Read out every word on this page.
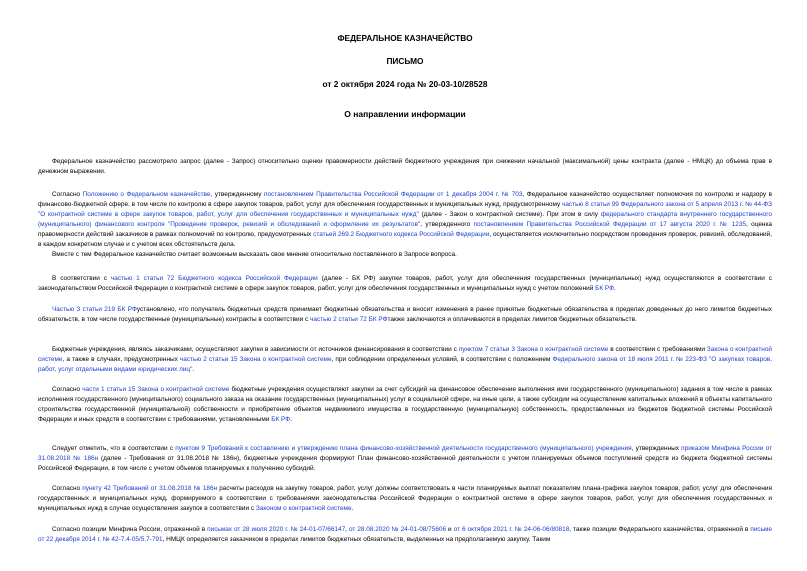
ФЕДЕРАЛЬНОЕ КАЗНАЧЕЙСТВО

ПИСЬМО

от 2 октября 2024 года № 20-03-10/28528

О направлении информации

Федеральное казначейство рассмотрело запрос (далее - Запрос) относительно оценки правомерности действий бюджетного учреждения при снижении начальной (максимальной) цены контракта (далее - НМЦК) до объема прав в денежном выражении.

Согласно Положению о Федеральном казначействе, утвержденному постановлением Правительства Российской Федерации от 1 декабря 2004 г. № 703, Федеральное казначейство осуществляет полномочия по контролю и надзору в финансово-бюджетной сфере, в том числе по контролю в сфере закупок товаров, работ, услуг для обеспечения государственных и муниципальных нужд, предусмотренному частью 8 статьи 99 Федерального закона от 5 апреля 2013 г. № 44-ФЗ "О контрактной системе в сфере закупок товаров, работ, услуг для обеспечения государственных и муниципальных нужд" (далее - Закон о контрактной системе). При этом в силу федерального стандарта внутреннего государственного (муниципального) финансового контроля "Проведение проверок, ревизий и обследований и оформление их результатов", утвержденного постановлением Правительства Российской Федерации от 17 августа 2020 г. № 1235, оценка правомерности действий заказчиков в рамках полномочий по контролю, предусмотренных статьей 269.2 Бюджетного кодекса Российской Федерации, осуществляется исключительно посредством проведения проверок, ревизий, обследований, в каждом конкретном случае и с учетом всех обстоятельств дела.

Вместе с тем Федеральное казначейство считает возможным высказать свое мнение относительно поставленного в Запросе вопроса.

В соответствии с частью 1 статьи 72 Бюджетного кодекса Российской Федерации (далее - БК РФ) закупки товаров, работ, услуг для обеспечения государственных (муниципальных) нужд осуществляются в соответствии с законодательством Российской Федерации о контрактной системе в сфере закупок товаров, работ, услуг для обеспечения государственных и муниципальных нужд с учетом положений БК РФ.

Частью 3 статьи 219 БК РФустановлено, что получатель бюджетных средств принимает бюджетные обязательства и вносит изменения в ранее принятые бюджетные обязательства в пределах доведенных до него лимитов бюджетных обязательств, в том числе государственные (муниципальные) контракты в соответствии с частью 2 статьи 72 БК РФтакже заключаются и оплачиваются в пределах лимитов бюджетных обязательств.

Бюджетные учреждения, являясь заказчиками, осуществляют закупки в зависимости от источников финансирования в соответствии с пунктом 7 статьи 3 Закона о контрактной системе в соответствии с требованиями Закона о контрактной системе, а также в случаях, предусмотренных частью 2 статьи 15 Закона о контрактной системе, при соблюдении определенных условий, в соответствии с положением Федерального закона от 18 июля 2011 г. № 223-ФЗ "О закупках товаров, работ, услуг отдельными видами юридических лиц".

Согласно части 1 статьи 15 Закона о контрактной системе бюджетные учреждения осуществляют закупки за счет субсидий на финансовое обеспечение выполнения ими государственного (муниципального) задания в том числе в рамках исполнения государственного (муниципального) социального заказа на оказание государственных (муниципальных) услуг в социальной сфере, на иные цели, а также субсидии на осуществление капитальных вложений в объекты капитального строительства государственной (муниципальной) собственности и приобретение объектов недвижимого имущества в государственную (муниципальную) собственность, предоставленных из бюджетов бюджетной системы Российской Федерации и иных средств в соответствии с требованиями, установленными БК РФ.

Следует отметить, что в соответствии с пунктом 9 Требований к составлению и утверждению плана финансово-хозяйственной деятельности государственного (муниципального) учреждения, утвержденных приказом Минфина России от 31.08.2018 № 186н (далее - Требования от 31.08.2018 № 186н), бюджетные учреждения формируют План финансово-хозяйственной деятельности с учетом планируемых объемов поступлений средств из бюджета бюджетной системы Российской Федерации, в том числе с учетом объемов планируемых к получению субсидий.

Согласно пункту 42 Требований от 31.08.2018 № 186н расчеты расходов на закупку товаров, работ, услуг должны соответствовать в части планируемых выплат показателям плана-графика закупок товаров, работ, услуг для обеспечения государственных и муниципальных нужд, формируемого в соответствии с требованиями законодательства Российской Федерации о контрактной системе в сфере закупок товаров, работ, услуг для обеспечения государственных и муниципальных нужд в случае осуществления закупок в соответствии с Законом о контрактной системе.

Согласно позиции Минфина России, отраженной в письмах от 28 июля 2020 г. № 24-01-07/66147, от 28.08.2020 № 24-01-08/75606 и от 6 октября 2021 г. № 24-06-06/80818, также позиции Федерального казначейства, отраженной в письме от 22 декабря 2014 г. № 42-7.4-05/5.7-791, НМЦК определяется заказчиком в пределах лимитов бюджетных обязательств, выделенных на предполагаемую закупку. Таким
